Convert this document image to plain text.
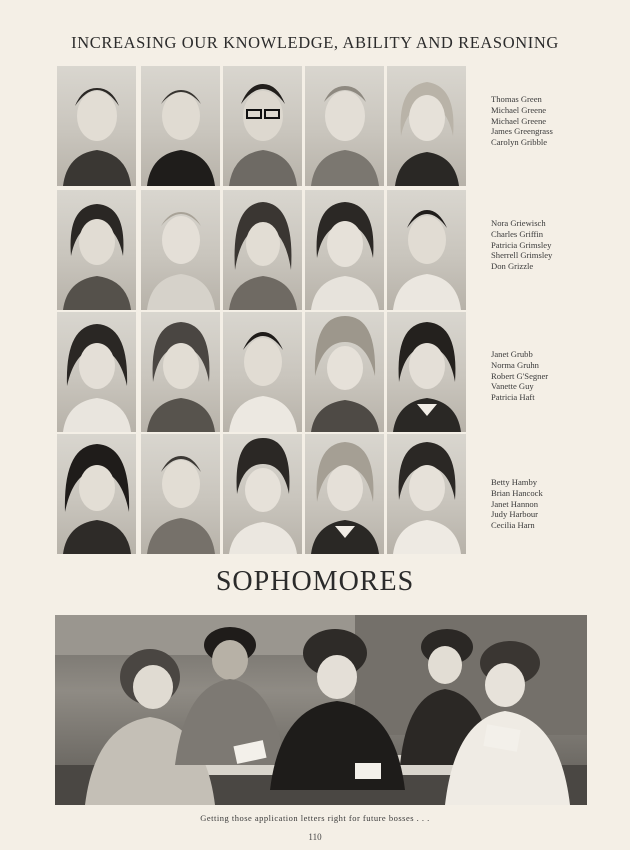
INCREASING OUR KNOWLEDGE, ABILITY AND REASONING
Thomas Green
Michael Greene
Michael Greene
James Greengrass
Carolyn Gribble
Nora Griewisch
Charles Griffin
Patricia Grimsley
Sherrell Grimsley
Don Grizzle
Janet Grubb
Norma Gruhn
Robert G'Segner
Vanette Guy
Patricia Haft
Betty Hamby
Brian Hancock
Janet Hannon
Judy Harbour
Cecilia Harn
SOPHOMORES
Getting those application letters right for future bosses . . .
110
